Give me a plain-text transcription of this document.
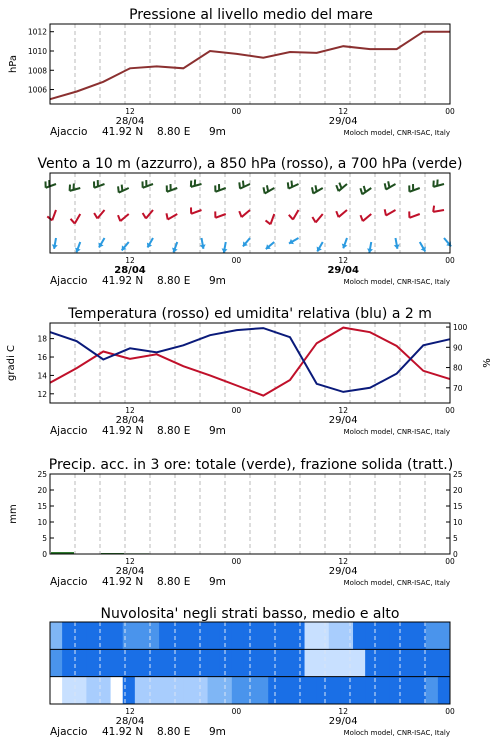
Pressione al livello medio del mare
hPa
1006
1008
1010
1012
12	00	12	00
28/04	29/04
Ajaccio 41.92 N 8.80 E 9m	Moloch model, CNR-ISAC, Italy
Vento a 10 m (azzurro), a 850 hPa (rosso), a 700 hPa (verde)
12	00	12	00
28/04	29/04
Ajaccio 41.92 N 8.80 E 9m	Moloch model, CNR-ISAC, Italy
Temperatura (rosso) ed umidita' relativa (blu) a 2 m
gradi C	%
12
14
16
18
70
80
90
100
12	00	12	00
28/04	29/04
Ajaccio 41.92 N 8.80 E 9m	Moloch model, CNR-ISAC, Italy
Precip. acc. in 3 ore: totale (verde), frazione solida (tratt.)
mm
0
5
10
15
20
25
0
5
10
15
20
25
12	00	12	00
28/04	29/04
Ajaccio 41.92 N 8.80 E 9m	Moloch model, CNR-ISAC, Italy
Nuvolosita' negli strati basso, medio e alto
12	00	12	00
28/04	29/04
Ajaccio 41.92 N 8.80 E 9m	Moloch model, CNR-ISAC, Italy
